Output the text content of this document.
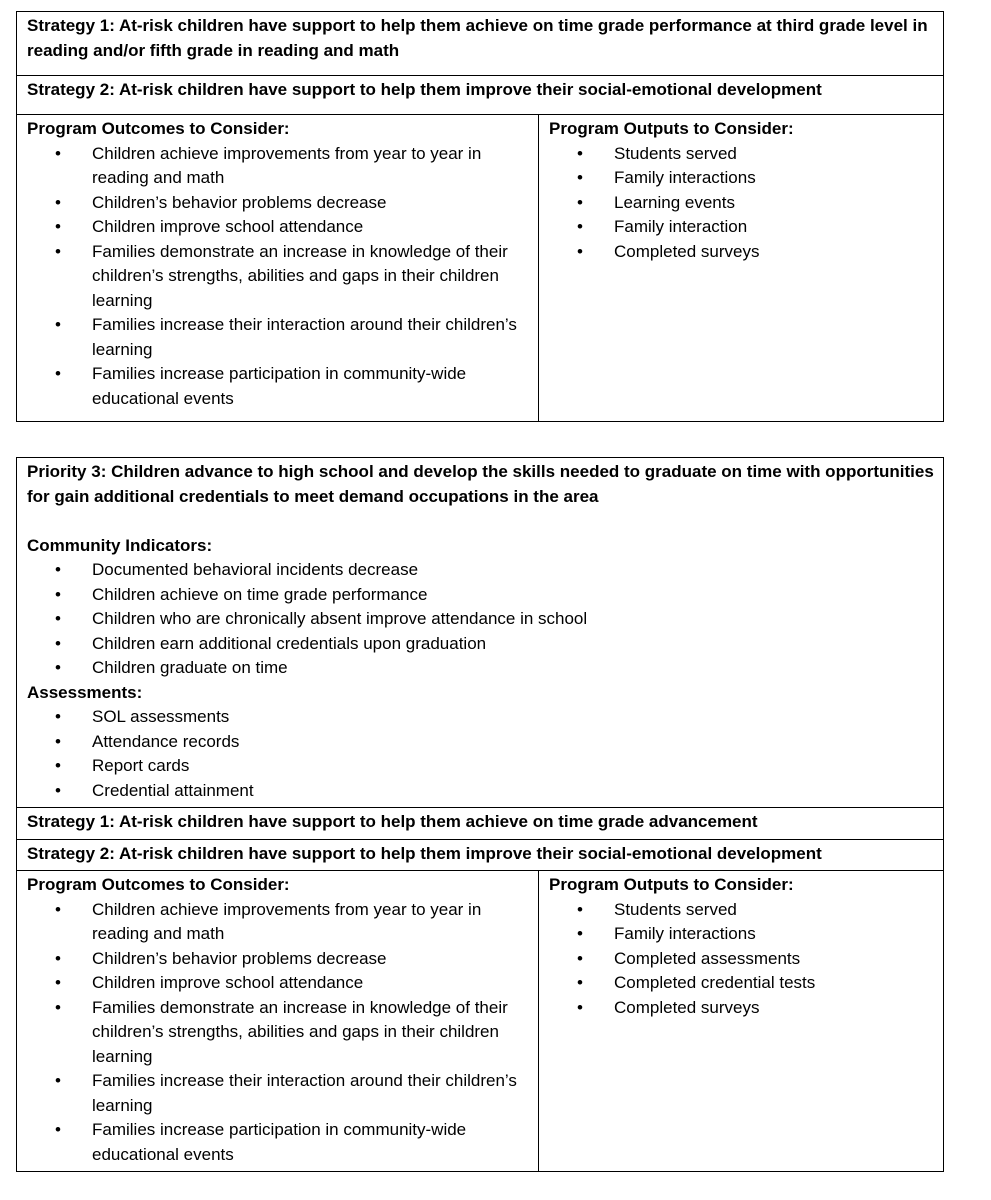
Strategy 1: At-risk children have support to help them achieve on time grade performance at third grade level in reading and/or fifth grade in reading and math
Strategy 2: At-risk children have support to help them improve their social-emotional development

Program Outcomes to Consider:
• Children achieve improvements from year to year in reading and math
• Children’s behavior problems decrease
• Children improve school attendance
• Families demonstrate an increase in knowledge of their children’s strengths, abilities and gaps in their children learning
• Families increase their interaction around their children’s learning
• Families increase participation in community-wide educational events

Program Outputs to Consider:
• Students served
• Family interactions
• Learning events
• Family interaction
• Completed surveys
Priority 3: Children advance to high school and develop the skills needed to graduate on time with opportunities for gain additional credentials to meet demand occupations in the area
Community Indicators:
• Documented behavioral incidents decrease
• Children achieve on time grade performance
• Children who are chronically absent improve attendance in school
• Children earn additional credentials upon graduation
• Children graduate on time
Assessments:
• SOL assessments
• Attendance records
• Report cards
• Credential attainment

Strategy 1: At-risk children have support to help them achieve on time grade advancement
Strategy 2: At-risk children have support to help them improve their social-emotional development

Program Outcomes to Consider:
• Children achieve improvements from year to year in reading and math
• Children’s behavior problems decrease
• Children improve school attendance
• Families demonstrate an increase in knowledge of their children’s strengths, abilities and gaps in their children learning
• Families increase their interaction around their children’s learning
• Families increase participation in community-wide educational events

Program Outputs to Consider:
• Students served
• Family interactions
• Completed assessments
• Completed credential tests
• Completed surveys
